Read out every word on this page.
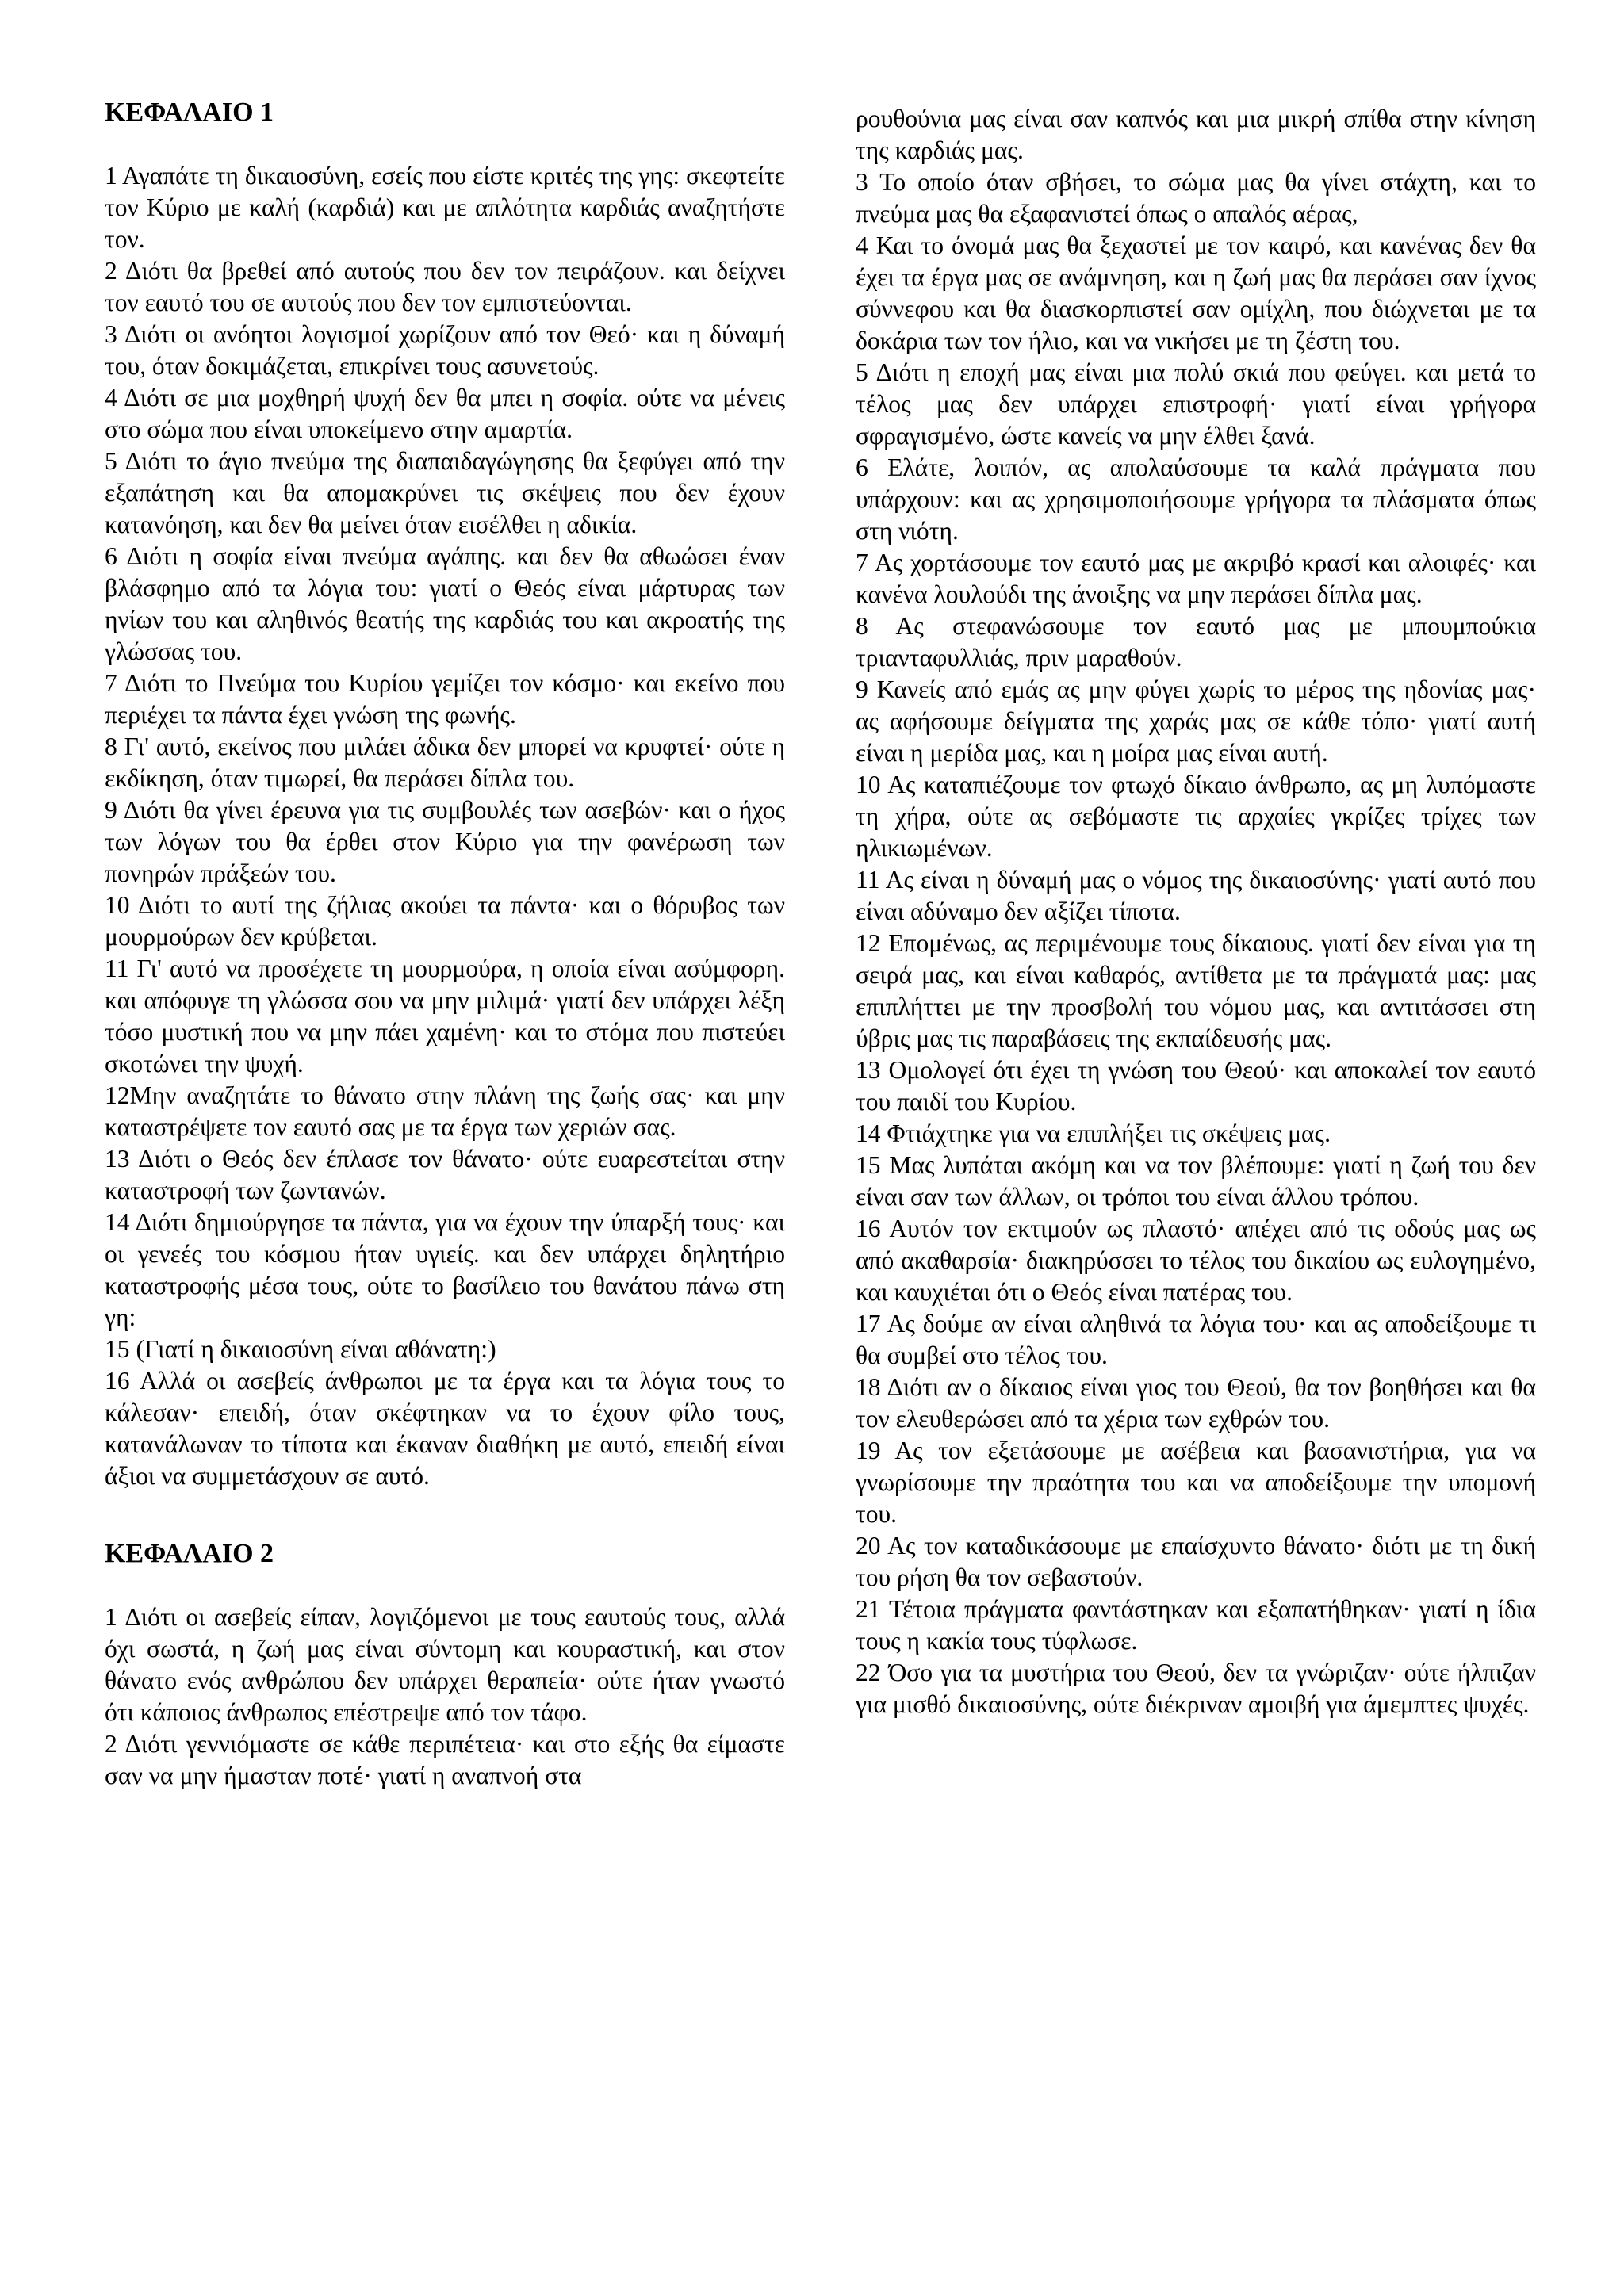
ΚΕΦΑΛΑΙΟ 1

1 Αγαπάτε τη δικαιοσύνη, εσείς που είστε κριτές της γης: σκεφτείτε τον Κύριο με καλή (καρδιά) και με απλότητα καρδιάς αναζητήστε τον.

2 Διότι θα βρεθεί από αυτούς που δεν τον πειράζουν. και δείχνει τον εαυτό του σε αυτούς που δεν τον εμπιστεύονται.

3 Διότι οι ανόητοι λογισμοί χωρίζουν από τον Θεό· και η δύναμή του, όταν δοκιμάζεται, επικρίνει τους ασυνετούς.

4 Διότι σε μια μοχθηρή ψυχή δεν θα μπει η σοφία. ούτε να μένεις στο σώμα που είναι υποκείμενο στην αμαρτία.

5 Διότι το άγιο πνεύμα της διαπαιδαγώγησης θα ξεφύγει από την εξαπάτηση και θα απομακρύνει τις σκέψεις που δεν έχουν κατανόηση, και δεν θα μείνει όταν εισέλθει η αδικία.

6 Διότι η σοφία είναι πνεύμα αγάπης. και δεν θα αθωώσει έναν βλάσφημο από τα λόγια του: γιατί ο Θεός είναι μάρτυρας των ηνίων του και αληθινός θεατής της καρδιάς του και ακροατής της γλώσσας του.

7 Διότι το Πνεύμα του Κυρίου γεμίζει τον κόσμο· και εκείνο που περιέχει τα πάντα έχει γνώση της φωνής.

8 Γι' αυτό, εκείνος που μιλάει άδικα δεν μπορεί να κρυφτεί· ούτε η εκδίκηση, όταν τιμωρεί, θα περάσει δίπλα του.

9 Διότι θα γίνει έρευνα για τις συμβουλές των ασεβών· και ο ήχος των λόγων του θα έρθει στον Κύριο για την φανέρωση των πονηρών πράξεών του.

10 Διότι το αυτί της ζήλιας ακούει τα πάντα· και ο θόρυβος των μουρμούρων δεν κρύβεται.

11 Γι' αυτό να προσέχετε τη μουρμούρα, η οποία είναι ασύμφορη. και απόφυγε τη γλώσσα σου να μην μιλιμά· γιατί δεν υπάρχει λέξη τόσο μυστική που να μην πάει χαμένη· και το στόμα που πιστεύει σκοτώνει την ψυχή.

12Μην αναζητάτε το θάνατο στην πλάνη της ζωής σας· και μην καταστρέψετε τον εαυτό σας με τα έργα των χεριών σας.

13 Διότι ο Θεός δεν έπλασε τον θάνατο· ούτε ευαρεστείται στην καταστροφή των ζωντανών.

14 Διότι δημιούργησε τα πάντα, για να έχουν την ύπαρξή τους· και οι γενεές του κόσμου ήταν υγιείς. και δεν υπάρχει δηλητήριο καταστροφής μέσα τους, ούτε το βασίλειο του θανάτου πάνω στη γη:

15 (Γιατί η δικαιοσύνη είναι αθάνατη:)

16 Αλλά οι ασεβείς άνθρωποι με τα έργα και τα λόγια τους το κάλεσαν· επειδή, όταν σκέφτηκαν να το έχουν φίλο τους, κατανάλωναν το τίποτα και έκαναν διαθήκη με αυτό, επειδή είναι άξιοι να συμμετάσχουν σε αυτό.

ΚΕΦΑΛΑΙΟ 2

1 Διότι οι ασεβείς είπαν, λογιζόμενοι με τους εαυτούς τους, αλλά όχι σωστά, η ζωή μας είναι σύντομη και κουραστική, και στον θάνατο ενός ανθρώπου δεν υπάρχει θεραπεία· ούτε ήταν γνωστό ότι κάποιος άνθρωπος επέστρεψε από τον τάφο.

2 Διότι γεννιόμαστε σε κάθε περιπέτεια· και στο εξής θα είμαστε σαν να μην ήμασταν ποτέ· γιατί η αναπνοή στα

ρουθούνια μας είναι σαν καπνός και μια μικρή σπίθα στην κίνηση της καρδιάς μας.

3 Το οποίο όταν σβήσει, το σώμα μας θα γίνει στάχτη, και το πνεύμα μας θα εξαφανιστεί όπως ο απαλός αέρας,

4 Και το όνομά μας θα ξεχαστεί με τον καιρό, και κανένας δεν θα έχει τα έργα μας σε ανάμνηση, και η ζωή μας θα περάσει σαν ίχνος σύννεφου και θα διασκορπιστεί σαν ομίχλη, που διώχνεται με τα δοκάρια των τον ήλιο, και να νικήσει με τη ζέστη του.

5 Διότι η εποχή μας είναι μια πολύ σκιά που φεύγει. και μετά το τέλος μας δεν υπάρχει επιστροφή· γιατί είναι γρήγορα σφραγισμένο, ώστε κανείς να μην έλθει ξανά.

6 Ελάτε, λοιπόν, ας απολαύσουμε τα καλά πράγματα που υπάρχουν: και ας χρησιμοποιήσουμε γρήγορα τα πλάσματα όπως στη νιότη.

7 Ας χορτάσουμε τον εαυτό μας με ακριβό κρασί και αλοιφές· και κανένα λουλούδι της άνοιξης να μην περάσει δίπλα μας.

8 Ας στεφανώσουμε τον εαυτό μας με μπουμπούκια τριανταφυλλιάς, πριν μαραθούν.

9 Κανείς από εμάς ας μην φύγει χωρίς το μέρος της ηδονίας μας· ας αφήσουμε δείγματα της χαράς μας σε κάθε τόπο· γιατί αυτή είναι η μερίδα μας, και η μοίρα μας είναι αυτή.

10 Ας καταπιέζουμε τον φτωχό δίκαιο άνθρωπο, ας μη λυπόμαστε τη χήρα, ούτε ας σεβόμαστε τις αρχαίες γκρίζες τρίχες των ηλικιωμένων.

11 Ας είναι η δύναμή μας ο νόμος της δικαιοσύνης· γιατί αυτό που είναι αδύναμο δεν αξίζει τίποτα.

12 Επομένως, ας περιμένουμε τους δίκαιους. γιατί δεν είναι για τη σειρά μας, και είναι καθαρός, αντίθετα με τα πράγματά μας: μας επιπλήττει με την προσβολή του νόμου μας, και αντιτάσσει στη ύβρις μας τις παραβάσεις της εκπαίδευσής μας.

13 Ομολογεί ότι έχει τη γνώση του Θεού· και αποκαλεί τον εαυτό του παιδί του Κυρίου.

14 Φτιάχτηκε για να επιπλήξει τις σκέψεις μας.

15 Μας λυπάται ακόμη και να τον βλέπουμε: γιατί η ζωή του δεν είναι σαν των άλλων, οι τρόποι του είναι άλλου τρόπου.

16 Αυτόν τον εκτιμούν ως πλαστό· απέχει από τις οδούς μας ως από ακαθαρσία· διακηρύσσει το τέλος του δικαίου ως ευλογημένο, και καυχιέται ότι ο Θεός είναι πατέρας του.

17 Ας δούμε αν είναι αληθινά τα λόγια του· και ας αποδείξουμε τι θα συμβεί στο τέλος του.

18 Διότι αν ο δίκαιος είναι γιος του Θεού, θα τον βοηθήσει και θα τον ελευθερώσει από τα χέρια των εχθρών του.

19 Ας τον εξετάσουμε με ασέβεια και βασανιστήρια, για να γνωρίσουμε την πραότητα του και να αποδείξουμε την υπομονή του.

20 Ας τον καταδικάσουμε με επαίσχυντο θάνατο· διότι με τη δική του ρήση θα τον σεβαστούν.

21 Τέτοια πράγματα φαντάστηκαν και εξαπατήθηκαν· γιατί η ίδια τους η κακία τους τύφλωσε.

22 Όσο για τα μυστήρια του Θεού, δεν τα γνώριζαν· ούτε ήλπιζαν για μισθό δικαιοσύνης, ούτε διέκριναν αμοιβή για άμεμπτες ψυχές.
